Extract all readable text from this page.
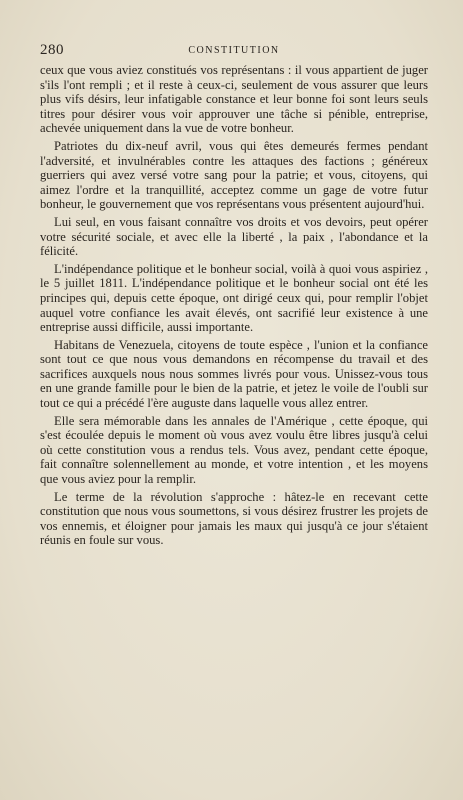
280	CONSTITUTION

ceux que vous aviez constitués vos représentans : il vous appartient de juger s'ils l'ont rempli ; et il reste à ceux-ci, seulement de vous assurer que leurs plus vifs désirs, leur infatigable constance et leur bonne foi sont leurs seuls titres pour désirer vous voir approuver une tâche si pénible, entreprise, achevée uniquement dans la vue de votre bonheur.

Patriotes du dix-neuf avril, vous qui êtes demeurés fermes pendant l'adversité, et invulnérables contre les attaques des factions ; généreux guerriers qui avez versé votre sang pour la patrie; et vous, citoyens, qui aimez l'ordre et la tranquillité, acceptez comme un gage de votre futur bonheur, le gouvernement que vos représentans vous présentent aujourd'hui.

Lui seul, en vous faisant connaître vos droits et vos devoirs, peut opérer votre sécurité sociale, et avec elle la liberté , la paix , l'abondance et la félicité.

L'indépendance politique et le bonheur social, voilà à quoi vous aspiriez , le 5 juillet 1811. L'indépendance politique et le bonheur social ont été les principes qui, depuis cette époque, ont dirigé ceux qui, pour remplir l'objet auquel votre confiance les avait élevés, ont sacrifié leur existence à une entreprise aussi difficile, aussi importante.

Habitans de Venezuela, citoyens de toute espèce , l'union et la confiance sont tout ce que nous vous demandons en récompense du travail et des sacrifices auxquels nous nous sommes livrés pour vous. Unissez-vous tous en une grande famille pour le bien de la patrie, et jetez le voile de l'oubli sur tout ce qui a précédé l'ère auguste dans laquelle vous allez entrer.

Elle sera mémorable dans les annales de l'Amérique , cette époque, qui s'est écoulée depuis le moment où vous avez voulu être libres jusqu'à celui où cette constitution vous a rendus tels. Vous avez, pendant cette époque, fait connaître solennellement au monde, et votre intention , et les moyens que vous aviez pour la remplir.

Le terme de la révolution s'approche : hâtez-le en recevant cette constitution que nous vous soumettons, si vous désirez frustrer les projets de vos ennemis, et éloigner pour jamais les maux qui jusqu'à ce jour s'étaient réunis en foule sur vous.
